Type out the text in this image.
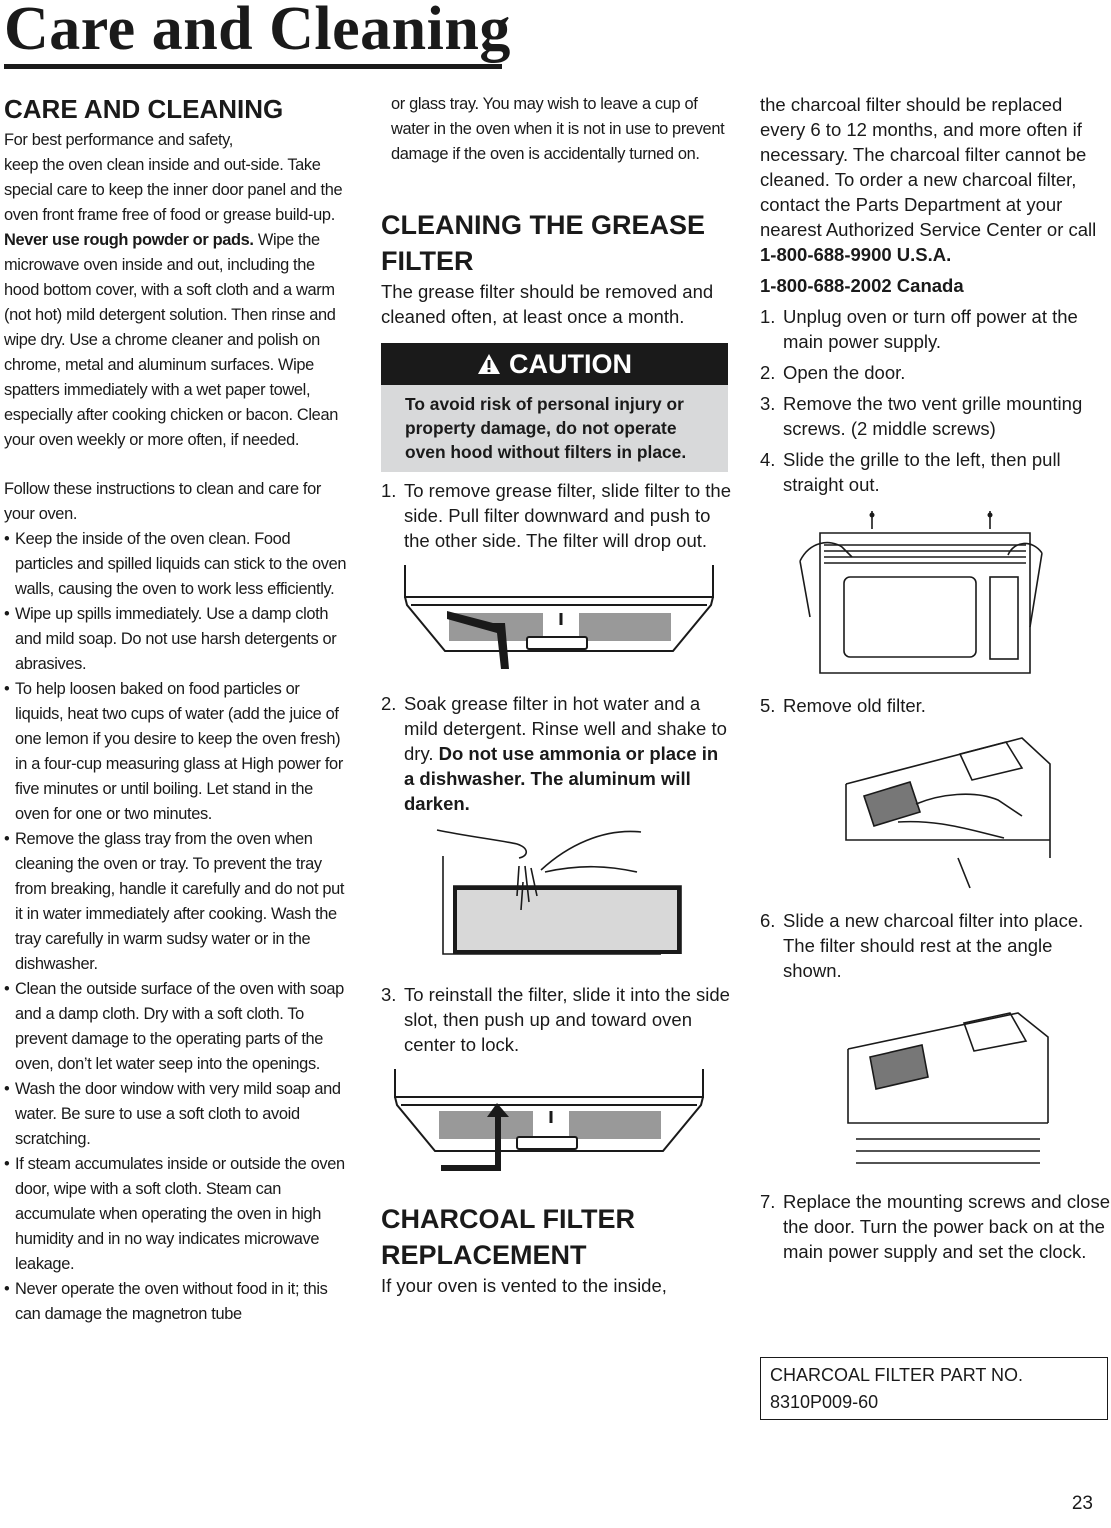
Care and Cleaning
CARE AND CLEANING

For best performance and safety,

keep the oven clean inside and out-side. Take special care to keep the inner door panel and the oven front frame free of food or grease build-up. Never use rough powder or pads. Wipe the microwave oven inside and out, including the hood bottom cover, with a soft cloth and a warm (not hot) mild detergent solution. Then rinse and wipe dry. Use a chrome cleaner and polish on chrome, metal and aluminum surfaces. Wipe spatters immediately with a wet paper towel, especially after cooking chicken or bacon. Clean your oven weekly or more often, if needed.

Follow these instructions to clean and care for your oven.

• Keep the inside of the oven clean. Food particles and spilled liquids can stick to the oven walls, causing the oven to work less efficiently.
• Wipe up spills immediately. Use a damp cloth and mild soap. Do not use harsh detergents or abrasives.
• To help loosen baked on food particles or liquids, heat two cups of water (add the juice of one lemon if you desire to keep the oven fresh) in a four-cup measuring glass at High power for five minutes or until boiling. Let stand in the oven for one or two minutes.
• Remove the glass tray from the oven when cleaning the oven or tray. To prevent the tray from breaking, handle it carefully and do not put it in water immediately after cooking. Wash the tray carefully in warm sudsy water or in the dishwasher.
• Clean the outside surface of the oven with soap and a damp cloth. Dry with a soft cloth. To prevent damage to the operating parts of the oven, don’t let water seep into the openings.
• Wash the door window with very mild soap and water. Be sure to use a soft cloth to avoid scratching.
• If steam accumulates inside or outside the oven door, wipe with a soft cloth. Steam can accumulate when operating the oven in high humidity and in no way indicates microwave leakage.
• Never operate the oven without food in it; this can damage the magnetron tube

or glass tray. You may wish to leave a cup of water in the oven when it is not in use to prevent damage if the oven is accidentally turned on.

CLEANING THE GREASE FILTER

The grease filter should be removed and cleaned often, at least once a month.

CAUTION
To avoid risk of personal injury or property damage, do not operate oven hood without filters in place.
1. To remove grease filter, slide filter to the side. Pull filter downward and push to the other side. The filter will drop out.
2. Soak grease filter in hot water and a mild detergent. Rinse well and shake to dry. Do not use ammonia or place in a dishwasher. The aluminum will darken.
3. To reinstall the filter, slide it into the side slot, then push up and toward oven center to lock.
CHARCOAL FILTER REPLACEMENT

If your oven is vented to the inside,

the charcoal filter should be replaced every 6 to 12 months, and more often if necessary. The charcoal filter cannot be cleaned. To order a new charcoal filter, contact the Parts Department at your nearest Authorized Service Center or call

1-800-688-9900 U.S.A.

1-800-688-2002 Canada

1. Unplug oven or turn off power at the main power supply.
2. Open the door.
3. Remove the two vent grille mounting screws. (2 middle screws)
4. Slide the grille to the left, then pull straight out.
5. Remove old filter.
6. Slide a new charcoal filter into place. The filter should rest at the angle shown.
7. Replace the mounting screws and close the door. Turn the power back on at the main power supply and set the clock.
CHARCOAL FILTER PART NO.
8310P009-60
23
